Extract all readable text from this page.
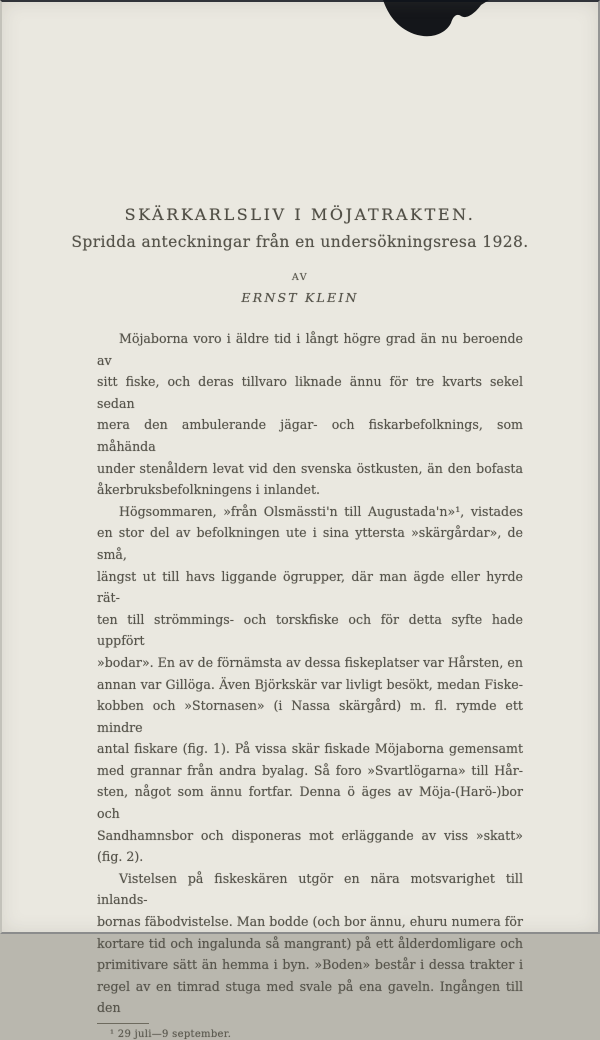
SKÄRKARLSLIV I MÖJATRAKTEN.
Spridda anteckningar från en undersökningsresa 1928.
AV
ERNST KLEIN
Möjaborna voro i äldre tid i långt högre grad än nu beroende av
sitt fiske, och deras tillvaro liknade ännu för tre kvarts sekel sedan
mera den ambulerande jägar- och fiskarbefolknings, som måhända
under stenåldern levat vid den svenska östkusten, än den bofasta
åkerbruksbefolkningens i inlandet.
Högsommaren, »från Olsmässti'n till Augustada'n»¹, vistades
en stor del av befolkningen ute i sina yttersta »skärgårdar», de små,
längst ut till havs liggande ögrupper, där man ägde eller hyrde rät-
ten till strömmings- och torskfiske och för detta syfte hade uppfört
»bodar». En av de förnämsta av dessa fiskeplatser var Hårsten, en
annan var Gillöga. Även Björkskär var livligt besökt, medan Fiske-
kobben och »Stornasen» (i Nassa skärgård) m. fl. rymde ett mindre
antal fiskare (fig. 1). På vissa skär fiskade Möjaborna gemensamt
med grannar från andra byalag. Så foro »Svartlögarna» till Hår-
sten, något som ännu fortfar. Denna ö äges av Möja-(Harö-)bor och
Sandhamnsbor och disponeras mot erläggande av viss »skatt»
(fig. 2).
Vistelsen på fiskeskären utgör en nära motsvarighet till inlands-
bornas fäbodvistelse. Man bodde (och bor ännu, ehuru numera för
kortare tid och ingalunda så mangrant) på ett ålderdomligare och
primitivare sätt än hemma i byn. »Boden» består i dessa trakter i
regel av en timrad stuga med svale på ena gaveln. Ingången till den
¹ 29 juli—9 september.
